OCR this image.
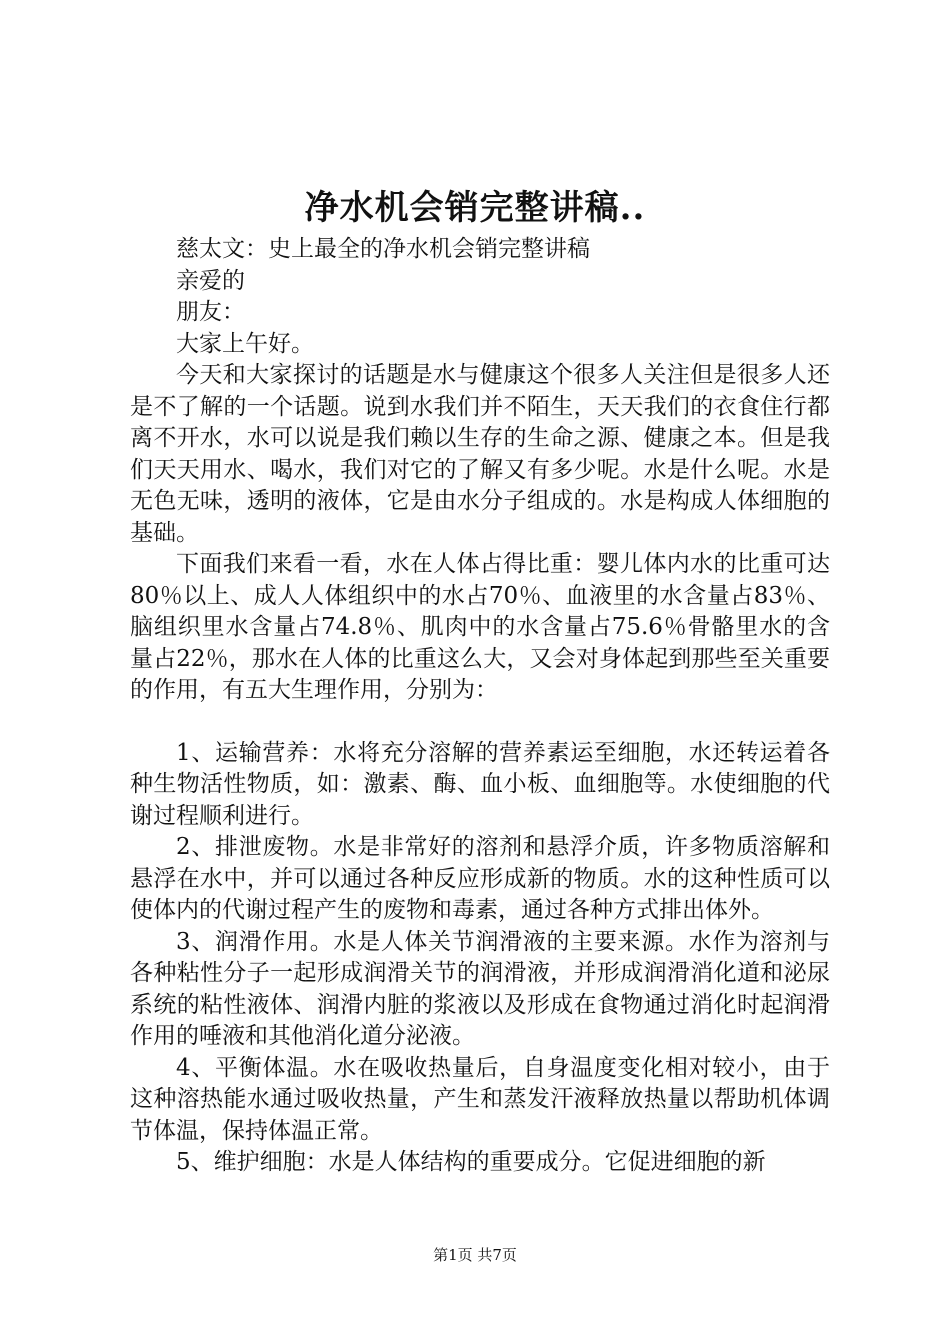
净水机会销完整讲稿..

慈太文：史上最全的净水机会销完整讲稿

亲爱的

朋友：

大家上午好。

今天和大家探讨的话题是水与健康这个很多人关注但是很多人还是不了解的一个话题。说到水我们并不陌生，天天我们的衣食住行都离不开水，水可以说是我们赖以生存的生命之源、健康之本。但是我们天天用水、喝水，我们对它的了解又有多少呢。水是什么呢。水是无色无味，透明的液体，它是由水分子组成的。水是构成人体细胞的基础。

下面我们来看一看，水在人体占得比重：婴儿体内水的比重可达80％以上、成人人体组织中的水占70％、血液里的水含量占83％、脑组织里水含量占74.8％、肌肉中的水含量占75.6％骨骼里水的含量占22％，那水在人体的比重这么大，又会对身体起到那些至关重要的作用，有五大生理作用，分别为：

1、运输营养：水将充分溶解的营养素运至细胞，水还转运着各种生物活性物质，如：激素、酶、血小板、血细胞等。水使细胞的代谢过程顺利进行。

2、排泄废物。水是非常好的溶剂和悬浮介质，许多物质溶解和悬浮在水中，并可以通过各种反应形成新的物质。水的这种性质可以使体内的代谢过程产生的废物和毒素，通过各种方式排出体外。

3、润滑作用。水是人体关节润滑液的主要来源。水作为溶剂与各种粘性分子一起形成润滑关节的润滑液，并形成润滑消化道和泌尿系统的粘性液体、润滑内脏的浆液以及形成在食物通过消化时起润滑作用的唾液和其他消化道分泌液。

4、平衡体温。水在吸收热量后，自身温度变化相对较小，由于这种溶热能水通过吸收热量，产生和蒸发汗液释放热量以帮助机体调节体温，保持体温正常。

5、维护细胞：水是人体结构的重要成分。它促进细胞的新

第1页 共7页
